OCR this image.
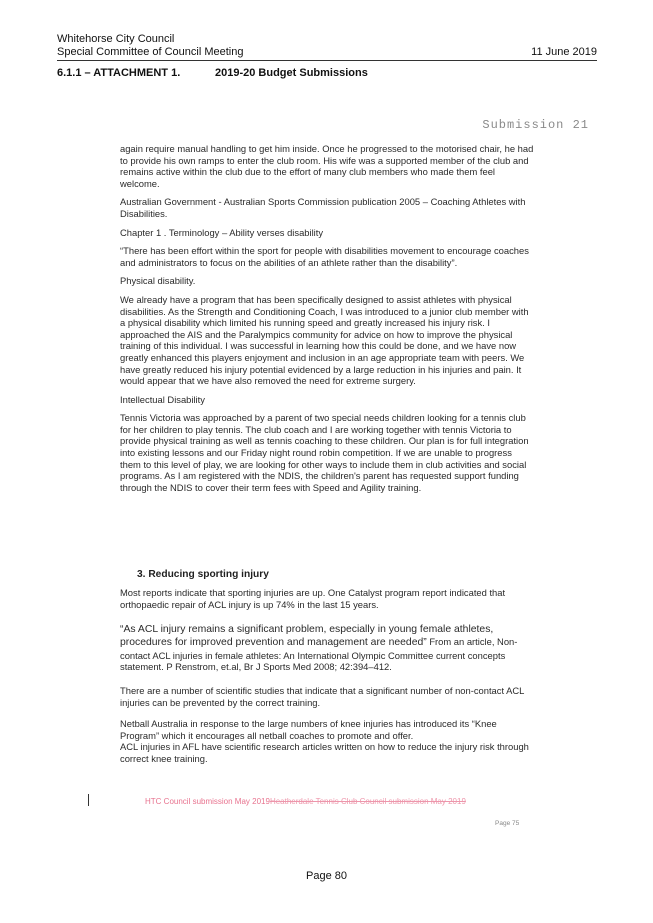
Whitehorse City Council
Special Committee of Council Meeting	11 June 2019
6.1.1 – ATTACHMENT 1.	2019-20 Budget Submissions
Submission 21

again require manual handling to get him inside. Once he progressed to the motorised chair, he had to provide his own ramps to enter the club room. His wife was a supported member of the club and remains active within the club due to the effort of many club members who made them feel welcome.

Australian Government - Australian Sports Commission publication 2005 – Coaching Athletes with Disabilities.

Chapter 1 . Terminology – Ability verses disability

“There has been effort within the sport for people with disabilities movement to encourage coaches and administrators to focus on the abilities of an athlete rather than the disability”.

Physical disability.

We already have a program that has been specifically designed to assist athletes with physical disabilities. As the Strength and Conditioning Coach, I was introduced to a junior club member with a physical disability which limited his running speed and greatly increased his injury risk. I approached the AIS and the Paralympics community for advice on how to improve the physical training of this individual. I was successful in learning how this could be done, and we have now greatly enhanced this players enjoyment and inclusion in an age appropriate team with peers. We have greatly reduced his injury potential evidenced by a large reduction in his injuries and pain. It would appear that we have also removed the need for extreme surgery.

Intellectual Disability

Tennis Victoria was approached by a parent of two special needs children looking for a tennis club for her children to play tennis. The club coach and I are working together with tennis Victoria to provide physical training as well as tennis coaching to these children. Our plan is for full integration into existing lessons and our Friday night round robin competition. If we are unable to progress them to this level of play, we are looking for other ways to include them in club activities and social programs. As I am registered with the NDIS, the children's parent has requested support funding through the NDIS to cover their term fees with Speed and Agility training.

3. Reducing sporting injury

Most reports indicate that sporting injuries are up. One Catalyst program report indicated that orthopaedic repair of ACL injury is up 74% in the last 15 years.

“As ACL injury remains a significant problem, especially in young female athletes, procedures for improved prevention and management are needed” From an article, Non-contact ACL injuries in female athletes: An International Olympic Committee current concepts statement. P Renstrom, et.al, Br J Sports Med 2008; 42:394–412.

There are a number of scientific studies that indicate that a significant number of non-contact ACL injuries can be prevented by the correct training.

Netball Australia in response to the large numbers of knee injuries has introduced its “Knee Program” which it encourages all netball coaches to promote and offer.

ACL injuries in AFL have scientific research articles written on how to reduce the injury risk through correct knee training.

HTC Council submission May 2019Heatherdale Tennis Club Council submission May 2019
Page 75
Page 80
